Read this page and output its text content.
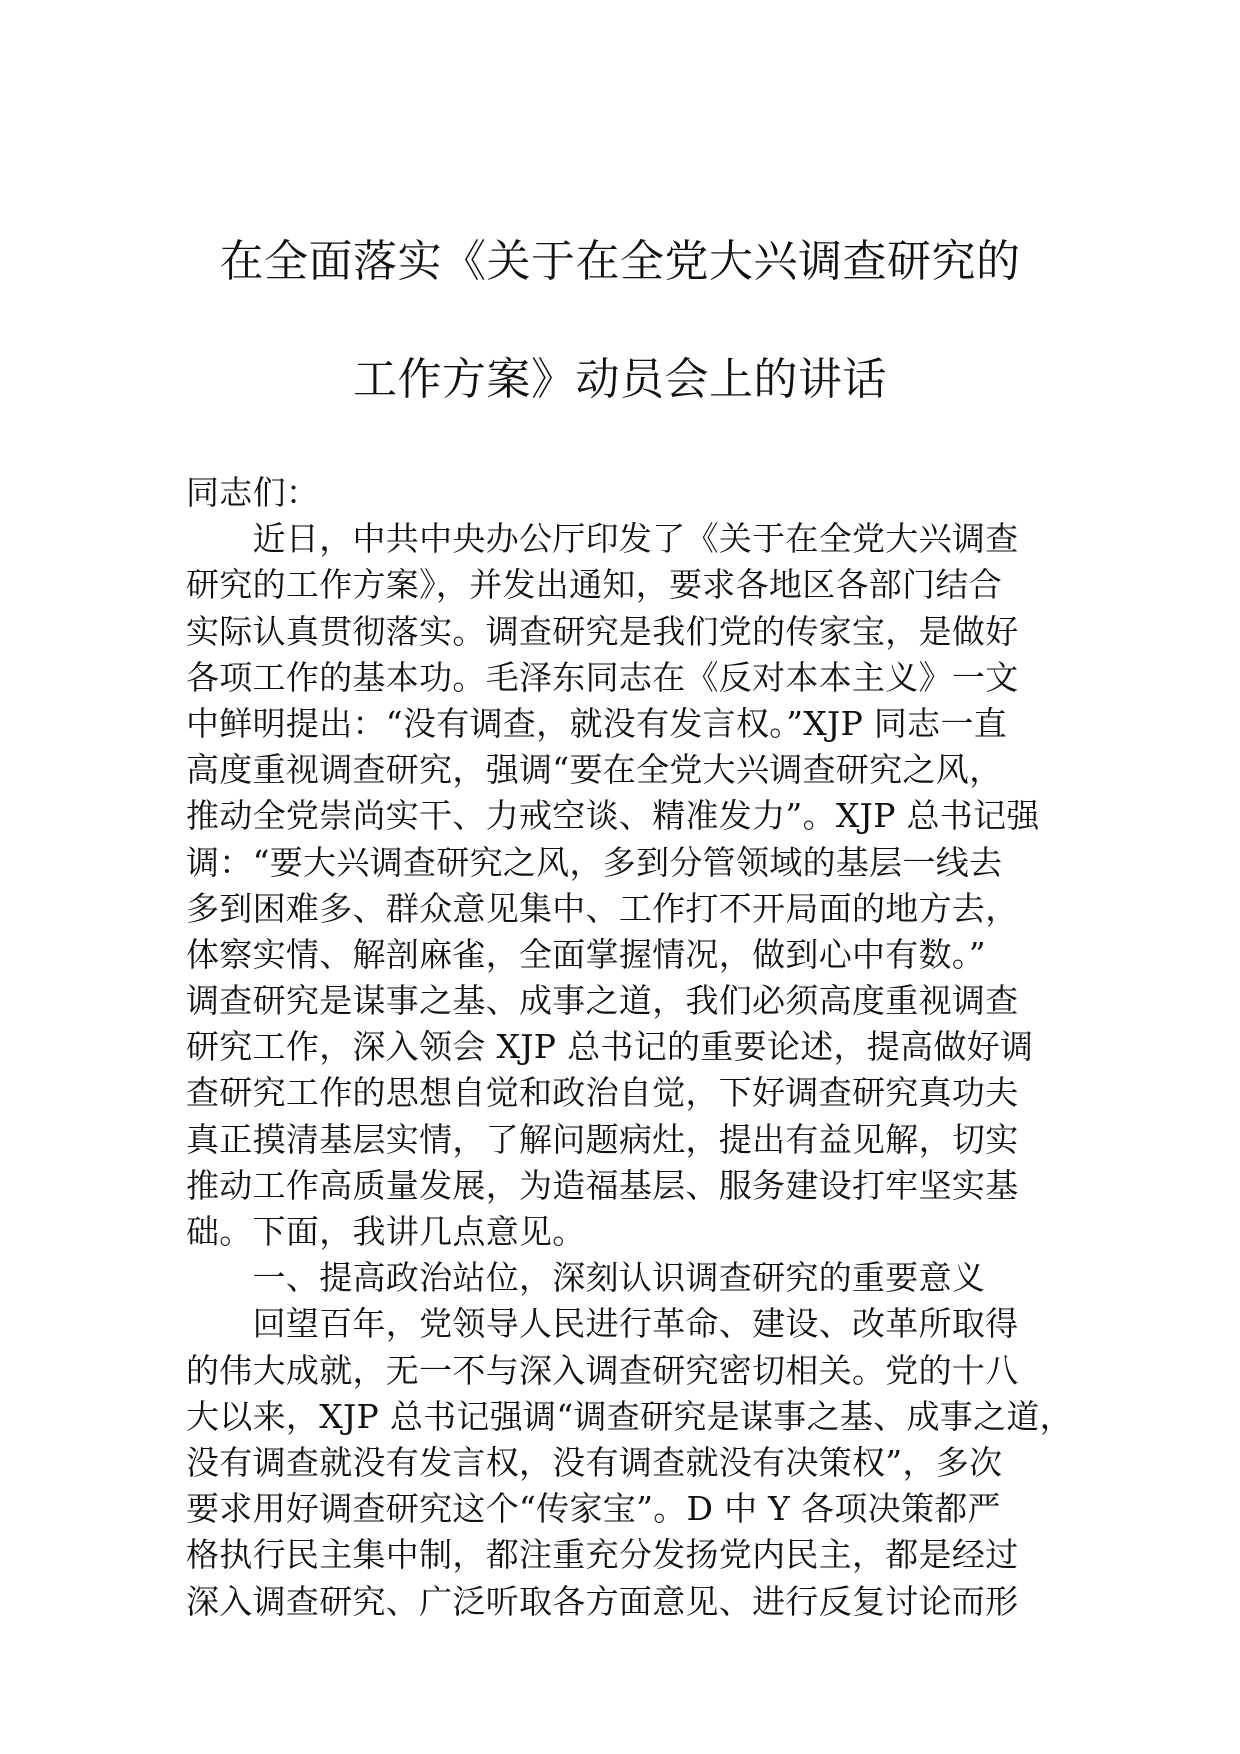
在全面落实《关于在全党大兴调查研究的
工作方案》动员会上的讲话
同志们：
　　近日，中共中央办公厅印发了《关于在全党大兴调查
研究的工作方案》，并发出通知，要求各地区各部门结合
实际认真贯彻落实。调查研究是我们党的传家宝，是做好
各项工作的基本功。毛泽东同志在《反对本本主义》一文
中鲜明提出：“没有调查，就没有发言权。”XJP 同志一直
高度重视调查研究，强调“要在全党大兴调查研究之风，
推动全党崇尚实干、力戒空谈、精准发力”。XJP 总书记强
调：“要大兴调查研究之风，多到分管领域的基层一线去
多到困难多、群众意见集中、工作打不开局面的地方去，
体察实情、解剖麻雀，全面掌握情况，做到心中有数。”
调查研究是谋事之基、成事之道，我们必须高度重视调查
研究工作，深入领会 XJP 总书记的重要论述，提高做好调
查研究工作的思想自觉和政治自觉，下好调查研究真功夫
真正摸清基层实情，了解问题病灶，提出有益见解，切实
推动工作高质量发展，为造福基层、服务建设打牢坚实基
础。下面，我讲几点意见。
　　一、提高政治站位，深刻认识调查研究的重要意义
　　回望百年，党领导人民进行革命、建设、改革所取得
的伟大成就，无一不与深入调查研究密切相关。党的十八
大以来，XJP 总书记强调“调查研究是谋事之基、成事之道，
没有调查就没有发言权，没有调查就没有决策权”，多次
要求用好调查研究这个“传家宝”。D 中 Y 各项决策都严
格执行民主集中制，都注重充分发扬党内民主，都是经过
深入调查研究、广泛听取各方面意见、进行反复讨论而形
